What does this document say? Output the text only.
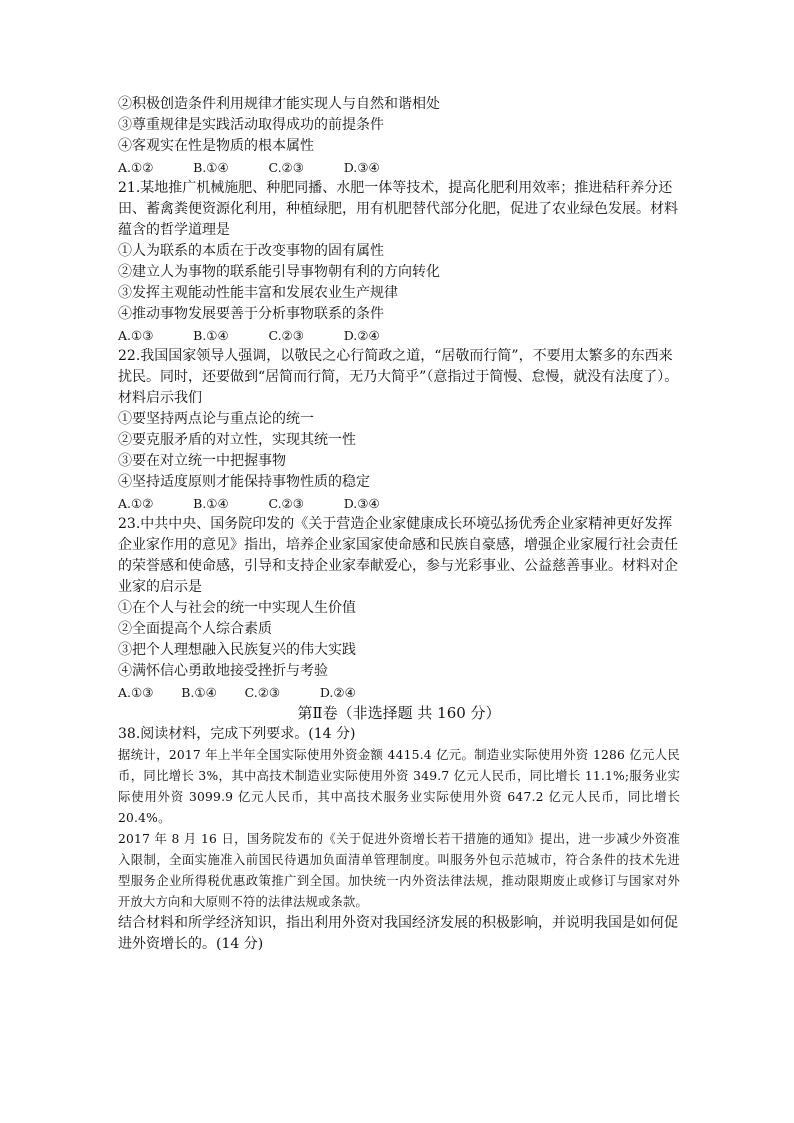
②积极创造条件利用规律才能实现人与自然和谐相处
③尊重规律是实践活动取得成功的前提条件
④客观实在性是物质的根本属性
A.①②          B.①④          C.②③          D.③④
21.某地推广机械施肥、种肥同播、水肥一体等技术，提高化肥利用效率；推进秸秆养分还田、蓄禽粪便资源化利用，种植绿肥，用有机肥替代部分化肥，促进了农业绿色发展。材料蕴含的哲学道理是
①人为联系的本质在于改变事物的固有属性
②建立人为事物的联系能引导事物朝有利的方向转化
③发挥主观能动性能丰富和发展农业生产规律
④推动事物发展要善于分析事物联系的条件
A.①③          B.①④          C.②③          D.②④
22.我国国家领导人强调，以敬民之心行简政之道，“居敬而行简”，不要用太繁多的东西来扰民。同时，还要做到“居简而行简，无乃大简乎”（意指过于简慢、怠慢，就没有法度了）。材料启示我们
①要坚持两点论与重点论的统一
②要克服矛盾的对立性，实现其统一性
③要在对立统一中把握事物
④坚持适度原则才能保持事物性质的稳定
A.①②          B.①④          C.②③          D.③④
23.中共中央、国务院印发的《关于营造企业家健康成长环境弘扬优秀企业家精神更好发挥企业家作用的意见》指出，培养企业家国家使命感和民族自豪感，增强企业家履行社会责任的荣誉感和使命感，引导和支持企业家奉献爱心，参与光彩事业、公益慈善事业。材料对企业家的启示是
①在个人与社会的统一中实现人生价值
②全面提高个人综合素质
③把个人理想融入民族复兴的伟大实践
④满怀信心勇敢地接受挫折与考验
A.①③       B.①④       C.②③          D.②④
第Ⅱ卷（非选择题 共 160 分）
38.阅读材料，完成下列要求。(14 分)

据统计，2017 年上半年全国实际使用外资金额 4415.4 亿元。制造业实际使用外资 1286 亿元人民币，同比增长 3%，其中高技术制造业实际使用外资 349.7 亿元人民币，同比增长 11.1%;服务业实际使用外资 3099.9 亿元人民币，其中高技术服务业实际使用外资 647.2 亿元人民币，同比增长 20.4%。

2017 年 8 月 16 日，国务院发布的《关于促进外资增长若干措施的通知》提出，进一步减少外资准入限制，全面实施准入前国民待遇加负面清单管理制度。叫服务外包示范城市，符合条件的技术先进型服务企业所得税优惠政策推广到全国。加快统一内外资法律法规，推动限期废止或修订与国家对外开放大方向和大原则不符的法律法规或条款。

结合材料和所学经济知识，指出利用外资对我国经济发展的积极影响，并说明我国是如何促进外资增长的。(14 分)
